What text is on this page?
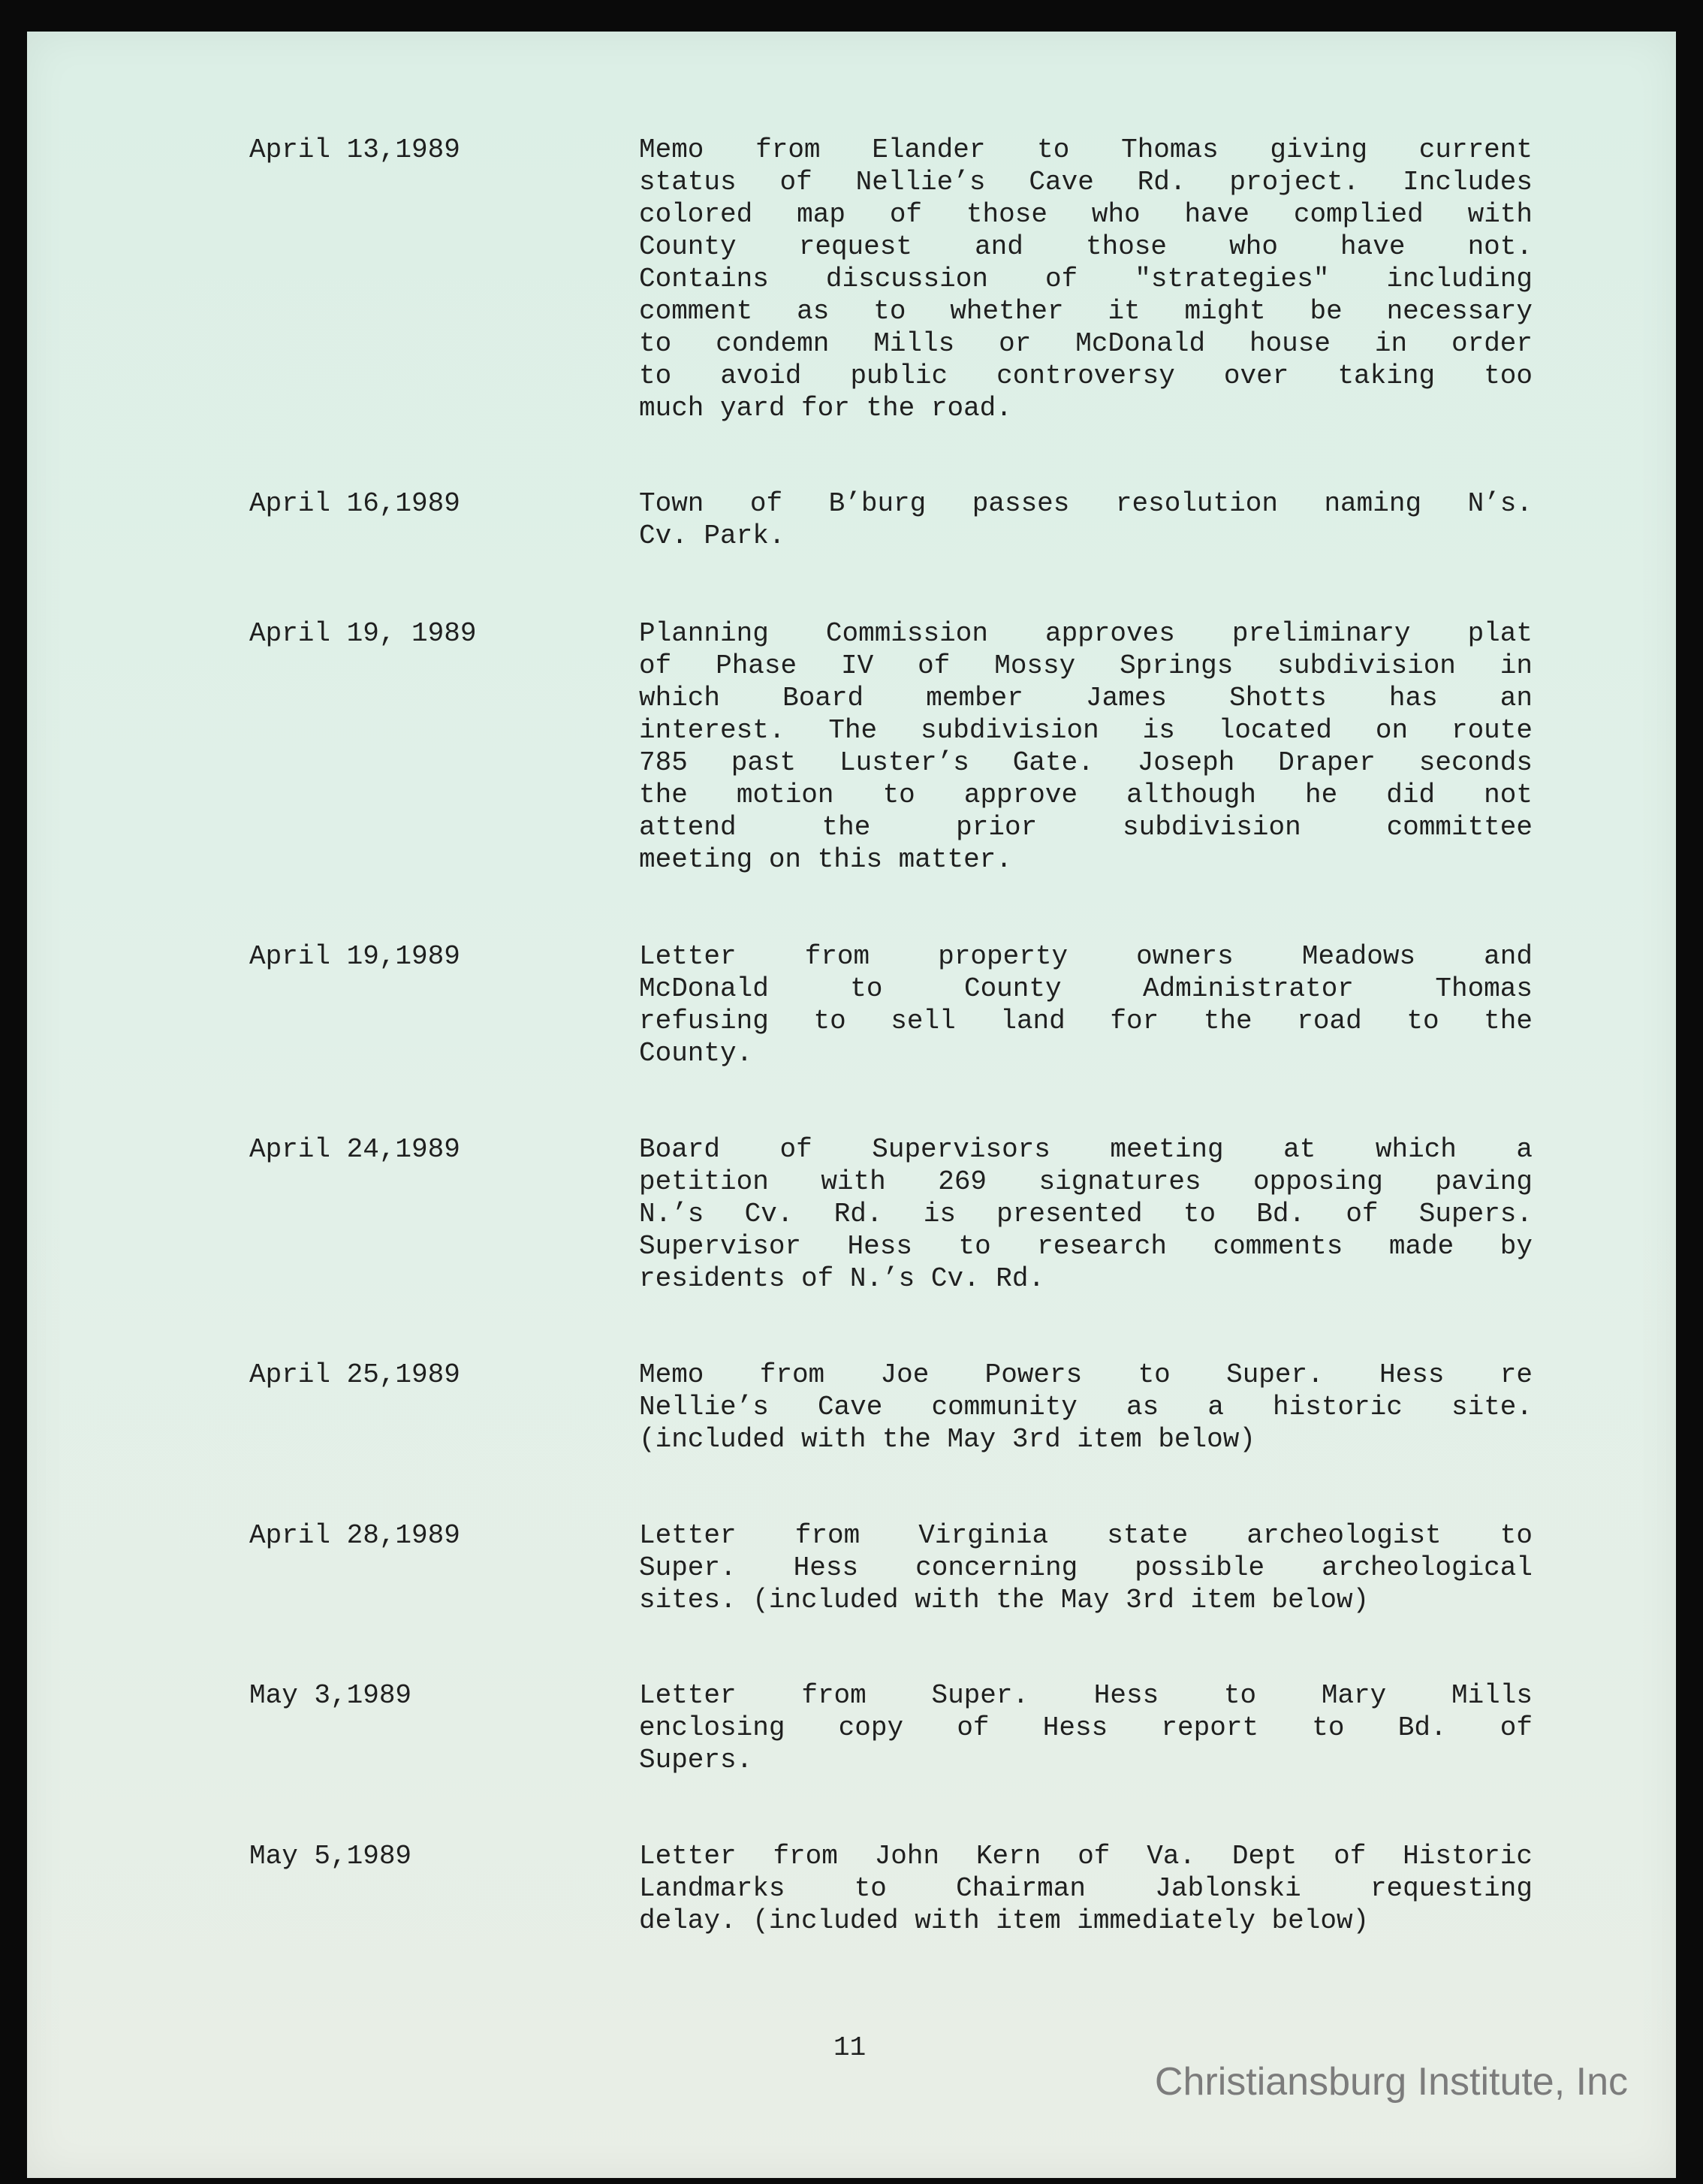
April 13,1989	Memo from Elander to Thomas giving current
status of Nellie’s Cave Rd. project. Includes
colored map of those who have complied with
County request and those who have not.
Contains discussion of "strategies" including
comment as to whether it might be necessary
to condemn Mills or McDonald house in order
to avoid public controversy over taking too
much yard for the road.
April 16,1989	Town of B’burg passes resolution naming N’s.
Cv. Park.
April 19, 1989	Planning Commission approves preliminary plat
of Phase IV of Mossy Springs subdivision in
which Board member James Shotts has an
interest. The subdivision is located on route
785 past Luster’s Gate. Joseph Draper seconds
the motion to approve although he did not
attend the prior subdivision committee
meeting on this matter.
April 19,1989	Letter from property owners Meadows and
McDonald to County Administrator Thomas
refusing to sell land for the road to the
County.
April 24,1989	Board of Supervisors meeting at which a
petition with 269 signatures opposing paving
N.’s Cv. Rd. is presented to Bd. of Supers.
Supervisor Hess to research comments made by
residents of N.’s Cv. Rd.
April 25,1989	Memo from Joe Powers to Super. Hess re
Nellie’s Cave community as a historic site.
(included with the May 3rd item below)
April 28,1989	Letter from Virginia state archeologist to
Super. Hess concerning possible archeological
sites. (included with the May 3rd item below)
May 3,1989	Letter from Super. Hess to Mary Mills
enclosing copy of Hess report to Bd. of
Supers.
May 5,1989	Letter from John Kern of Va. Dept of Historic
Landmarks to Chairman Jablonski requesting
delay. (included with item immediately below)
11
Christiansburg Institute, Inc
